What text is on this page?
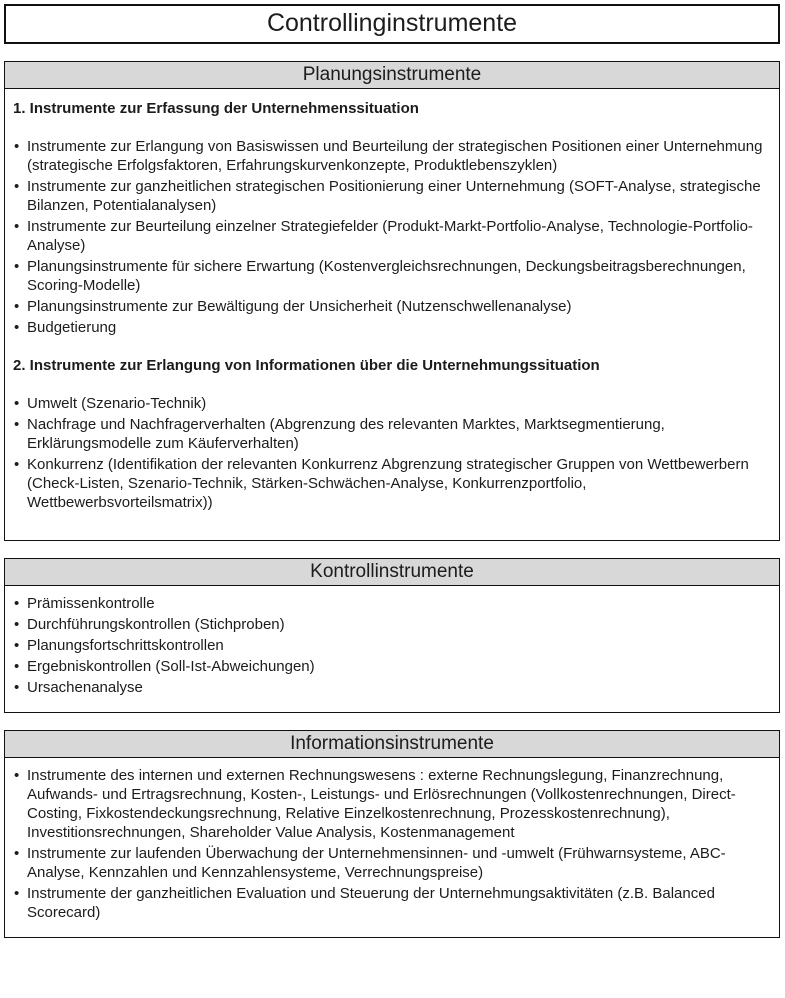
Controllinginstrumente
Planungsinstrumente
1. Instrumente zur Erfassung der Unternehmenssituation
• Instrumente zur Erlangung von Basiswissen und Beurteilung der strategischen Positionen einer Unternehmung (strategische Erfolgsfaktoren, Erfahrungskurvenkonzepte, Produktlebenszyklen)
• Instrumente zur ganzheitlichen strategischen Positionierung einer Unternehmung (SOFT-Analyse, strategische Bilanzen, Potentialanalysen)
• Instrumente zur Beurteilung einzelner Strategiefelder (Produkt-Markt-Portfolio-Analyse, Technologie-Portfolio-Analyse)
• Planungsinstrumente für sichere Erwartung (Kostenvergleichsrechnungen, Deckungsbeitragsberechnungen, Scoring-Modelle)
• Planungsinstrumente zur Bewältigung der Unsicherheit (Nutzenschwellenanalyse)
• Budgetierung
2. Instrumente zur Erlangung von Informationen über die Unternehmungssituation
• Umwelt (Szenario-Technik)
• Nachfrage und Nachfragerverhalten (Abgrenzung des relevanten Marktes, Marktsegmentierung, Erklärungsmodelle zum Käuferverhalten)
• Konkurrenz (Identifikation der relevanten Konkurrenz Abgrenzung strategischer Gruppen von Wettbewerbern (Check-Listen, Szenario-Technik, Stärken-Schwächen-Analyse, Konkurrenzportfolio, Wettbewerbsvorteilsmatrix))
Kontrollinstrumente
• Prämissenkontrolle
• Durchführungskontrollen (Stichproben)
• Planungsfortschrittskontrollen
• Ergebniskontrollen (Soll-Ist-Abweichungen)
• Ursachenanalyse
Informationsinstrumente
• Instrumente des internen und externen Rechnungswesens : externe Rechnungslegung, Finanzrechnung, Aufwands- und Ertragsrechnung, Kosten-, Leistungs- und Erlösrechnungen (Vollkostenrechnungen, Direct-Costing, Fixkostendeckungsrechnung, Relative Einzelkostenrechnung, Prozesskostenrechnung), Investitionsrechnungen, Shareholder Value Analysis, Kostenmanagement
• Instrumente zur laufenden Überwachung der Unternehmensinnen- und -umwelt (Frühwarnsysteme, ABC-Analyse, Kennzahlen und Kennzahlensysteme, Verrechnungspreise)
• Instrumente der ganzheitlichen Evaluation und Steuerung der Unternehmungsaktivitäten (z.B. Balanced Scorecard)
